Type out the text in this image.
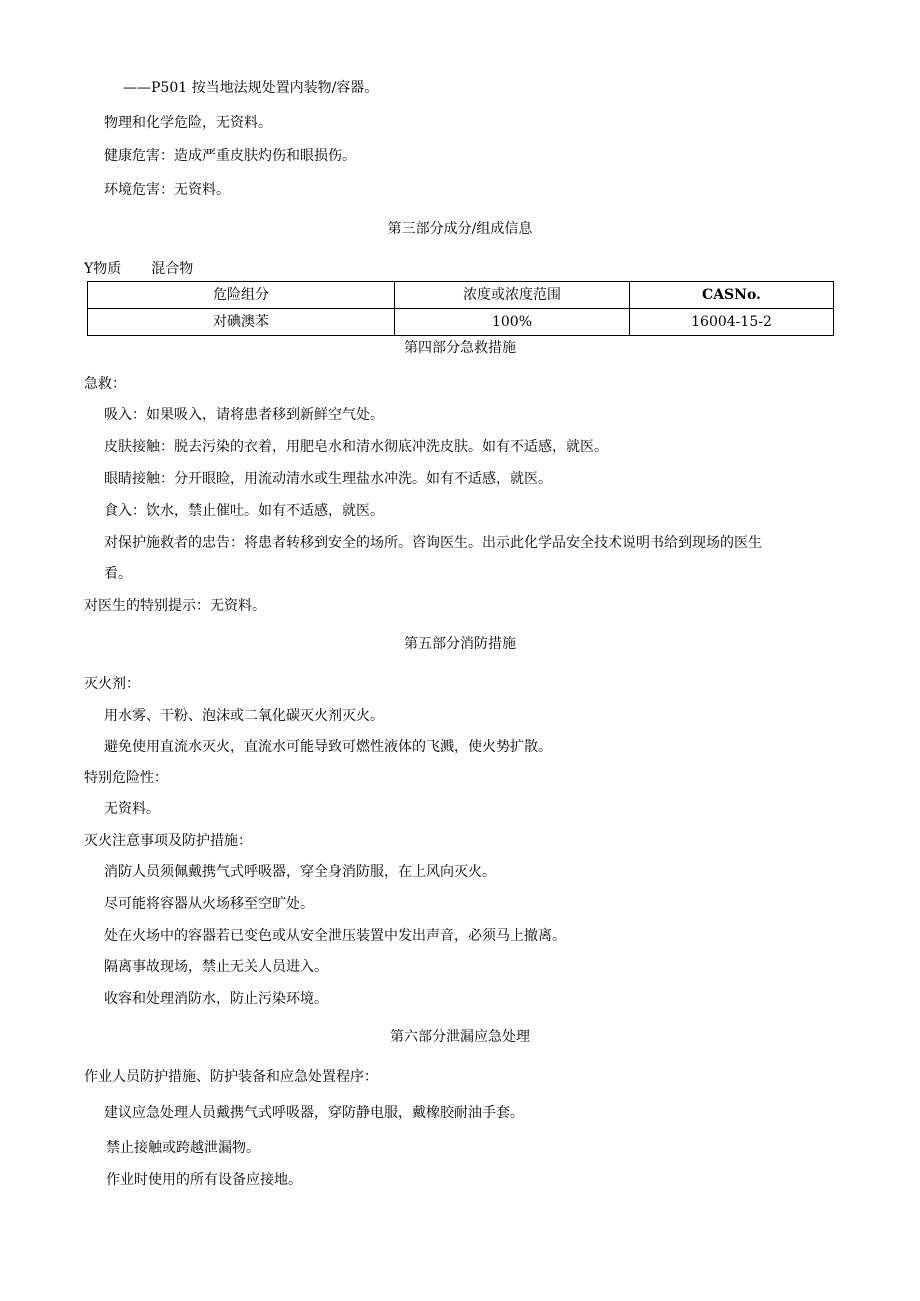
——P501 按当地法规处置内装物/容器。
物理和化学危险，无资料。
健康危害：造成严重皮肤灼伤和眼损伤。
环境危害：无资料。
第三部分成分/组成信息
Y物质 混合物
危险组分	浓度或浓度范围	CASNo.
对碘澳苯	100%	16004-15-2
第四部分急救措施
急救：
吸入：如果吸入，请将患者移到新鲜空气处。
皮肤接触：脱去污染的衣着，用肥皂水和清水彻底冲洗皮肤。如有不适感，就医。
眼睛接触：分开眼睑，用流动清水或生理盐水冲洗。如有不适感，就医。
食入：饮水，禁止催吐。如有不适感，就医。
对保护施救者的忠告：将患者转移到安全的场所。咨询医生。出示此化学品安全技术说明书给到现场的医生
看。
对医生的特别提示：无资料。
第五部分消防措施
灭火剂：
用水雾、干粉、泡沫或二氧化碳灭火剂灭火。
避免使用直流水灭火，直流水可能导致可燃性液体的飞溅，使火势扩散。
特别危险性：
无资料。
灭火注意事项及防护措施：
消防人员须佩戴携气式呼吸器，穿全身消防服，在上风向灭火。
尽可能将容器从火场移至空旷处。
处在火场中的容器若已变色或从安全泄压装置中发出声音，必须马上撤离。
隔离事故现场，禁止无关人员进入。
收容和处理消防水，防止污染环境。
第六部分泄漏应急处理
作业人员防护措施、防护装备和应急处置程序：
建议应急处理人员戴携气式呼吸器，穿防静电服，戴橡胶耐油手套。
禁止接触或跨越泄漏物。
作业时使用的所有设备应接地。
